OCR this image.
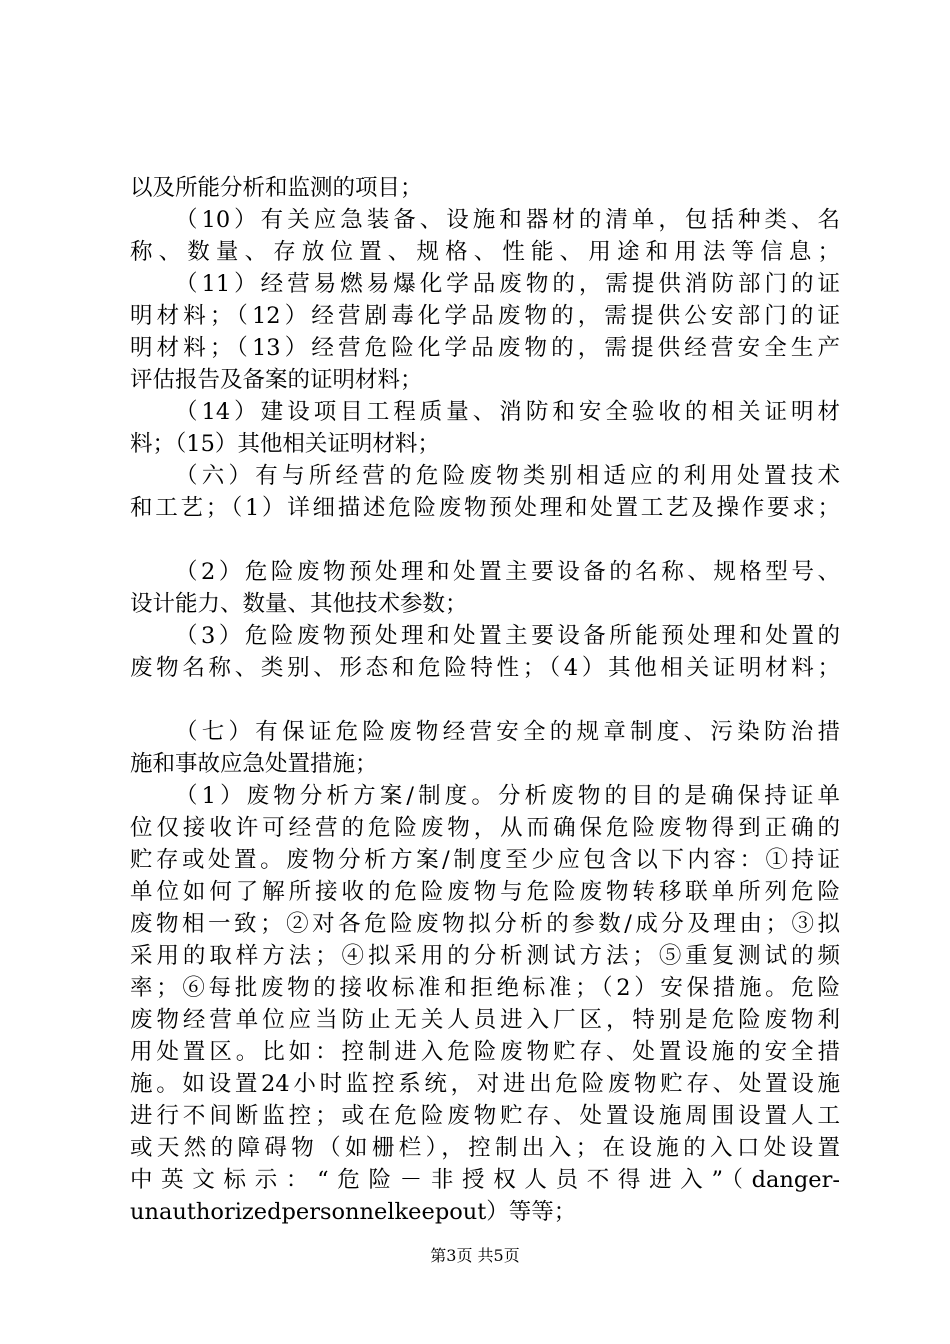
以及所能分析和监测的项目；
（10）有关应急装备、设施和器材的清单，包括种类、名
称、数量、存放位置、规格、性能、用途和用法等信息；
（11）经营易燃易爆化学品废物的，需提供消防部门的证
明材料；（12）经营剧毒化学品废物的，需提供公安部门的证
明材料；（13）经营危险化学品废物的，需提供经营安全生产
评估报告及备案的证明材料；
（14）建设项目工程质量、消防和安全验收的相关证明材
料；（15）其他相关证明材料；
（六）有与所经营的危险废物类别相适应的利用处置技术
和工艺；（1）详细描述危险废物预处理和处置工艺及操作要求；
（2）危险废物预处理和处置主要设备的名称、规格型号、
设计能力、数量、其他技术参数；
（3）危险废物预处理和处置主要设备所能预处理和处置的
废物名称、类别、形态和危险特性；（4）其他相关证明材料；
（七）有保证危险废物经营安全的规章制度、污染防治措
施和事故应急处置措施；
（1）废物分析方案/制度。分析废物的目的是确保持证单
位仅接收许可经营的危险废物，从而确保危险废物得到正确的
贮存或处置。废物分析方案/制度至少应包含以下内容：①持证
单位如何了解所接收的危险废物与危险废物转移联单所列危险
废物相一致；②对各危险废物拟分析的参数/成分及理由；③拟
采用的取样方法；④拟采用的分析测试方法；⑤重复测试的频
率；⑥每批废物的接收标准和拒绝标准；（2）安保措施。危险
废物经营单位应当防止无关人员进入厂区，特别是危险废物利
用处置区。比如：控制进入危险废物贮存、处置设施的安全措
施。如设置24小时监控系统，对进出危险废物贮存、处置设施
进行不间断监控；或在危险废物贮存、处置设施周围设置人工
或天然的障碍物（如栅栏），控制出入；在设施的入口处设置
中英文标示：“危险－非授权人员不得进入”（danger-
unauthorizedpersonnelkeepout）等等；
第3页 共5页
